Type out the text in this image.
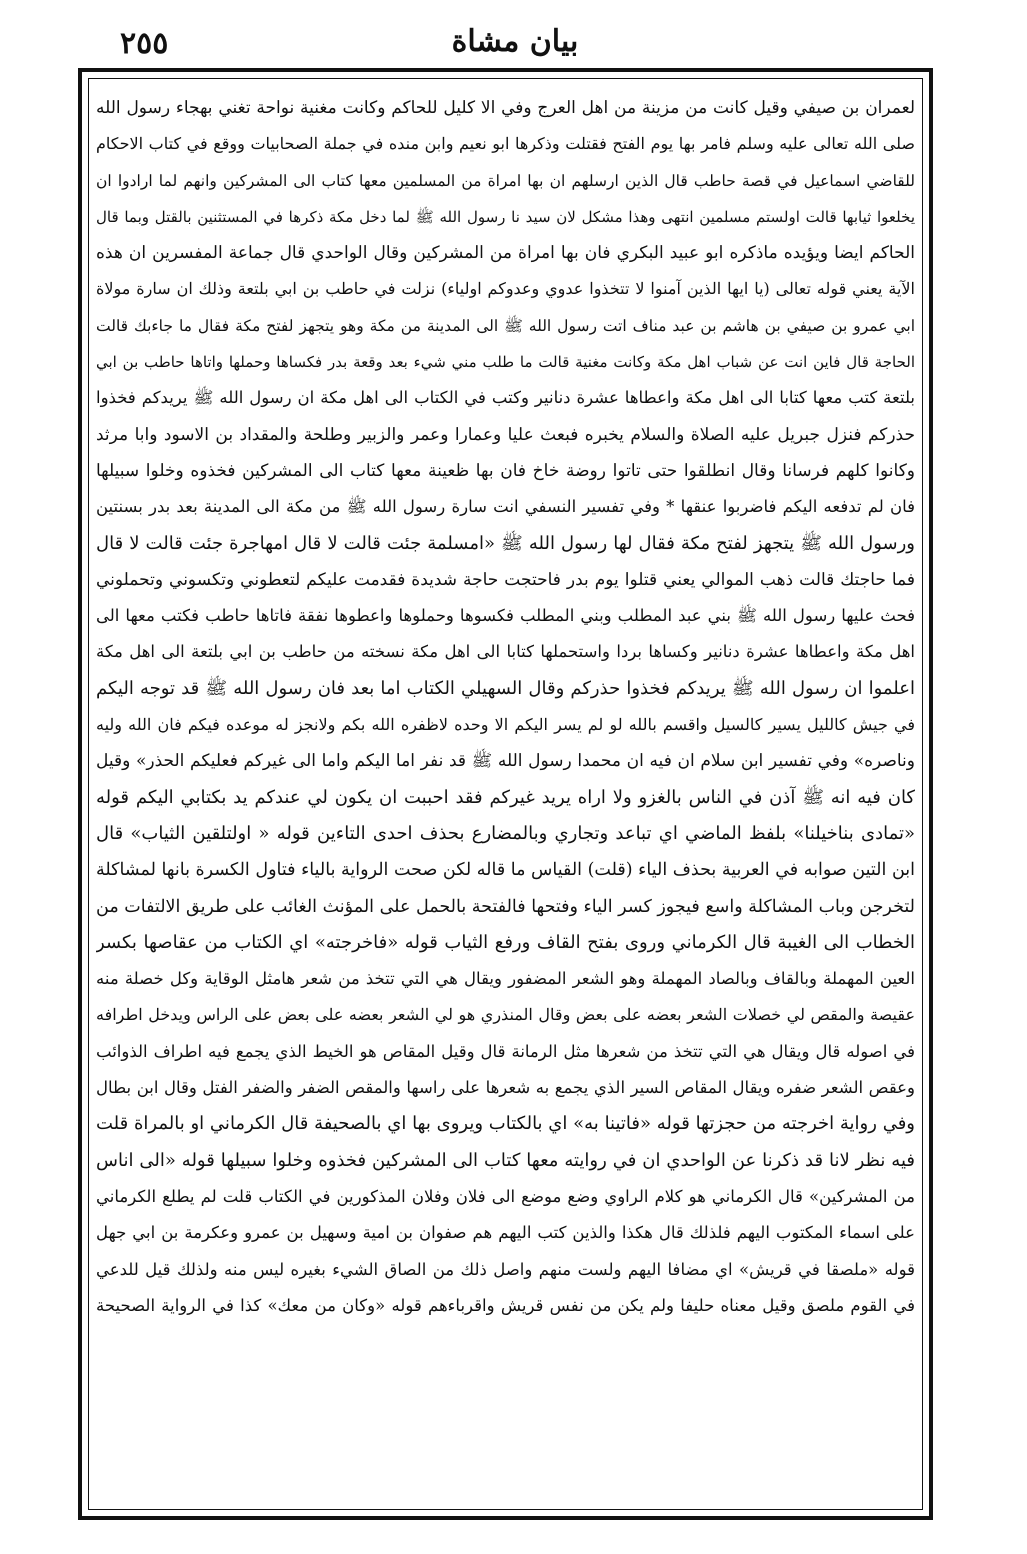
٢٥٥	بيان مشاة
لعمران بن صيفي وقيل كانت من مزينة من اهل العرج وفي الا كليل للحاكم وكانت مغنية نواحة تغني بهجاء رسول الله
صلى الله تعالى عليه وسلم فامر بها يوم الفتح فقتلت وذكرها ابو نعيم وابن منده في جملة الصحابيات ووقع في كتاب الاحكام
للقاضي اسماعيل في قصة حاطب قال الذين ارسلهم ان بها امراة من المسلمين معها كتاب الى المشركين وانهم لما ارادوا ان
يخلعوا ثيابها قالت اولستم مسلمين انتهى وهذا مشكل لان سيد نا رسول الله ﷺ لما دخل مكة ذكرها في المستثنين بالقتل وبما قال
الحاكم ايضا ويؤيده ماذكره ابو عبيد البكري فان بها امراة من المشركين وقال الواحدي قال جماعة المفسرين ان هذه
الآية يعني قوله تعالى (يا ايها الذين آمنوا لا تتخذوا عدوي وعدوكم اولياء) نزلت في حاطب بن ابي بلتعة وذلك ان سارة مولاة
ابي عمرو بن صيفي بن هاشم بن عبد مناف اتت رسول الله ﷺ الى المدينة من مكة وهو يتجهز لفتح مكة فقال ما جاءبك قالت
الحاجة قال فاين انت عن شباب اهل مكة وكانت مغنية قالت ما طلب مني شيء بعد وقعة بدر فكساها وحملها واتاها حاطب بن ابي
بلتعة كتب معها كتابا الى اهل مكة واعطاها عشرة دنانير وكتب في الكتاب الى اهل مكة ان رسول الله ﷺ يريدكم فخذوا
حذركم فنزل جبريل عليه الصلاة والسلام يخبره فبعث عليا وعمارا وعمر والزبير وطلحة والمقداد بن الاسود وابا مرثد
وكانوا كلهم فرسانا وقال انطلقوا حتى تاتوا روضة خاخ فان بها ظعينة معها كتاب الى المشركين فخذوه وخلوا سبيلها
فان لم تدفعه اليكم فاضربوا عنقها * وفي تفسير النسفي انت سارة رسول الله ﷺ من مكة الى المدينة بعد بدر بسنتين
ورسول الله ﷺ يتجهز لفتح مكة فقال لها رسول الله ﷺ «امسلمة جئت قالت لا قال امهاجرة جئت قالت لا قال
فما حاجتك قالت ذهب الموالي يعني قتلوا يوم بدر فاحتجت حاجة شديدة فقدمت عليكم لتعطوني وتكسوني وتحملوني
فحث عليها رسول الله ﷺ بني عبد المطلب وبني المطلب فكسوها وحملوها واعطوها نفقة فاتاها حاطب فكتب معها الى
اهل مكة واعطاها عشرة دنانير وكساها بردا واستحملها كتابا الى اهل مكة نسخته من حاطب بن ابي بلتعة الى اهل مكة
اعلموا ان رسول الله ﷺ يريدكم فخذوا حذركم وقال السهيلي الكتاب اما بعد فان رسول الله ﷺ قد توجه اليكم
في جيش كالليل يسير كالسيل واقسم بالله لو لم يسر اليكم الا وحده لاظفره الله بكم ولانجز له موعده فيكم فان الله وليه
وناصره» وفي تفسير ابن سلام ان فيه ان محمدا رسول الله ﷺ قد نفر اما اليكم واما الى غيركم فعليكم الحذر» وقيل
كان فيه انه ﷺ آذن في الناس بالغزو ولا اراه يريد غيركم فقد احببت ان يكون لي عندكم يد بكتابي اليكم قوله
«تمادى بناخيلنا» بلفظ الماضي اي تباعد وتجاري وبالمضارع بحذف احدى التاءين قوله « اولتلقين الثياب» قال
ابن التين صوابه في العربية بحذف الياء (قلت) القياس ما قاله لكن صحت الرواية بالياء فتاول الكسرة بانها لمشاكلة
لتخرجن وباب المشاكلة واسع فيجوز كسر الياء وفتحها فالفتحة بالحمل على المؤنث الغائب على طريق الالتفات من
الخطاب الى الغيبة قال الكرماني وروى بفتح القاف ورفع الثياب قوله «فاخرجته» اي الكتاب من عقاصها بكسر
العين المهملة وبالقاف وبالصاد المهملة وهو الشعر المضفور ويقال هي التي تتخذ من شعر هامثل الوقاية وكل خصلة منه
عقيصة والمقص لي خصلات الشعر بعضه على بعض وقال المنذري هو لي الشعر بعضه على بعض على الراس ويدخل اطرافه
في اصوله قال ويقال هي التي تتخذ من شعرها مثل الرمانة قال وقيل المقاص هو الخيط الذي يجمع فيه اطراف الذوائب
وعقص الشعر ضفره ويقال المقاص السير الذي يجمع به شعرها على راسها والمقص الضفر والضفر الفتل وقال ابن بطال
وفي رواية اخرجته من حجزتها قوله «فاتينا به» اي بالكتاب ويروى بها اي بالصحيفة قال الكرماني او بالمراة قلت
فيه نظر لانا قد ذكرنا عن الواحدي ان في روايته معها كتاب الى المشركين فخذوه وخلوا سبيلها قوله «الى اناس
من المشركين» قال الكرماني هو كلام الراوي وضع موضع الى فلان وفلان المذكورين في الكتاب قلت لم يطلع الكرماني
على اسماء المكتوب اليهم فلذلك قال هكذا والذين كتب اليهم هم صفوان بن امية وسهيل بن عمرو وعكرمة بن ابي جهل
قوله «ملصقا في قريش» اي مضافا اليهم ولست منهم واصل ذلك من الصاق الشيء بغيره ليس منه ولذلك قيل للدعي
في القوم ملصق وقيل معناه حليفا ولم يكن من نفس قريش واقرباءهم قوله «وكان من معك» كذا في الرواية الصحيحة
